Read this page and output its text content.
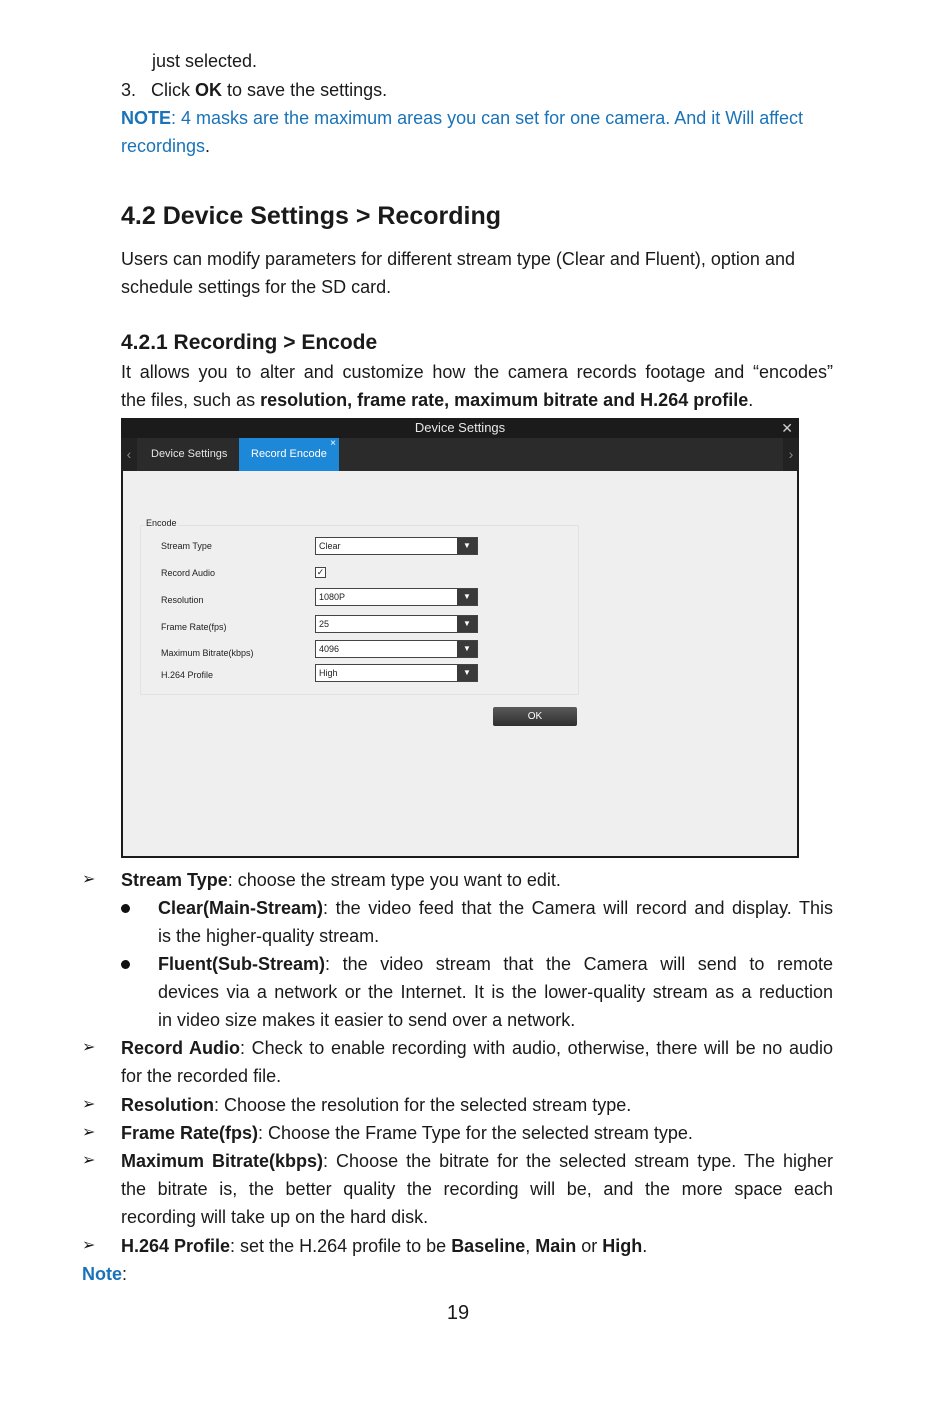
just selected.
3. Click OK to save the settings.
NOTE: 4 masks are the maximum areas you can set for one camera. And it Will affect
recordings.
4.2 Device Settings > Recording
Users can modify parameters for different stream type (Clear and Fluent), option and
schedule settings for the SD card.
4.2.1 Recording > Encode
It allows you to alter and customize how the camera records footage and “encodes”
the files, such as resolution, frame rate, maximum bitrate and H.264 profile.
Device Settings	✕
‹	Device Settings	Record Encode
×
›
Encode
Stream Type	Clear	▼
Record Audio	✓
Resolution	1080P	▼
Frame Rate(fps)	25	▼
Maximum Bitrate(kbps)	4096	▼
H.264 Profile	High	▼
OK
➢ Stream Type: choose the stream type you want to edit.
Clear(Main-Stream): the video feed that the Camera will record and display. This
is the higher-quality stream.
Fluent(Sub-Stream): the video stream that the Camera will send to remote
devices via a network or the Internet. It is the lower-quality stream as a reduction
in video size makes it easier to send over a network.
➢ Record Audio: Check to enable recording with audio, otherwise, there will be no audio
for the recorded file.
➢ Resolution: Choose the resolution for the selected stream type.
➢ Frame Rate(fps): Choose the Frame Type for the selected stream type.
➢ Maximum Bitrate(kbps): Choose the bitrate for the selected stream type. The higher
the bitrate is, the better quality the recording will be, and the more space each
recording will take up on the hard disk.
➢ H.264 Profile: set the H.264 profile to be Baseline, Main or High.
Note:
19
